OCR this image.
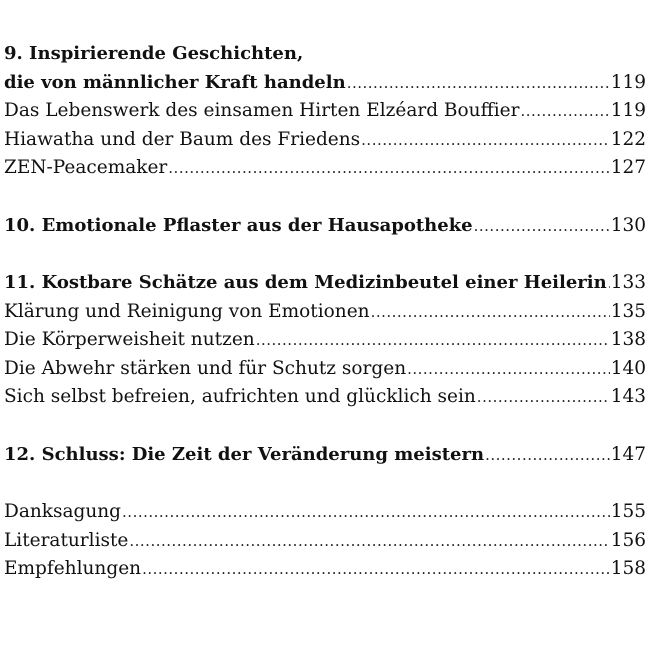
9. Inspirierende Geschichten,
die von männlicher Kraft handeln .....	119
Das Lebenswerk des einsamen Hirten Elzéard Bouffier .....	119
Hiawatha und der Baum des Friedens .....	122
ZEN-Peacemaker .....	127
10. Emotionale Pflaster aus der Hausapotheke .....	130
11. Kostbare Schätze aus dem Medizinbeutel einer Heilerin ..... 133
Klärung und Reinigung von Emotionen .....	135
Die Körperweisheit nutzen .....	138
Die Abwehr stärken und für Schutz sorgen .....	140
Sich selbst befreien, aufrichten und glücklich sein .....	143
12. Schluss: Die Zeit der Veränderung meistern .....	147
Danksagung .....	155
Literaturliste .....	156
Empfehlungen .....	158
